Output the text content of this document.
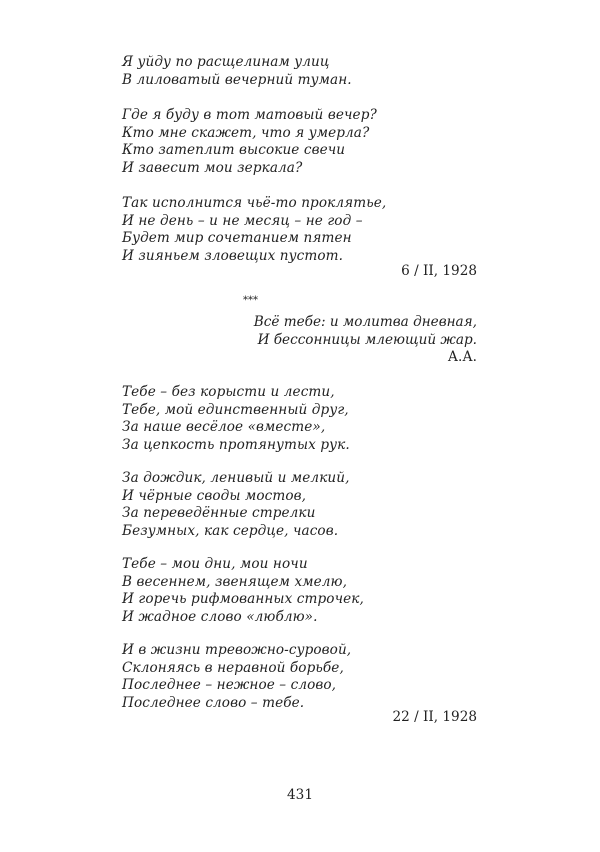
Я уйду по расщелинам улиц
В лиловатый вечерний туман.
Где я буду в тот матовый вечер?
Кто мне скажет, что я умерла?
Кто затеплит высокие свечи
И завесит мои зеркала?
Так исполнится чьё-то проклятье,
И не день – и не месяц – не год –
Будет мир сочетанием пятен
И зияньем зловещих пустот.
6 / II, 1928
***
Всё тебе: и молитва дневная,
И бессонницы млеющий жар.
А.А.
Тебе – без корысти и лести,
Тебе, мой единственный друг,
За наше весёлое «вместе»,
За цепкость протянутых рук.
За дождик, ленивый и мелкий,
И чёрные своды мостов,
За переведённые стрелки
Безумных, как сердце, часов.
Тебе – мои дни, мои ночи
В весеннем, звенящем хмелю,
И горечь рифмованных строчек,
И жадное слово «люблю».
И в жизни тревожно-суровой,
Склоняясь в неравной борьбе,
Последнее – нежное – слово,
Последнее слово – тебе.
22 / II, 1928
431
